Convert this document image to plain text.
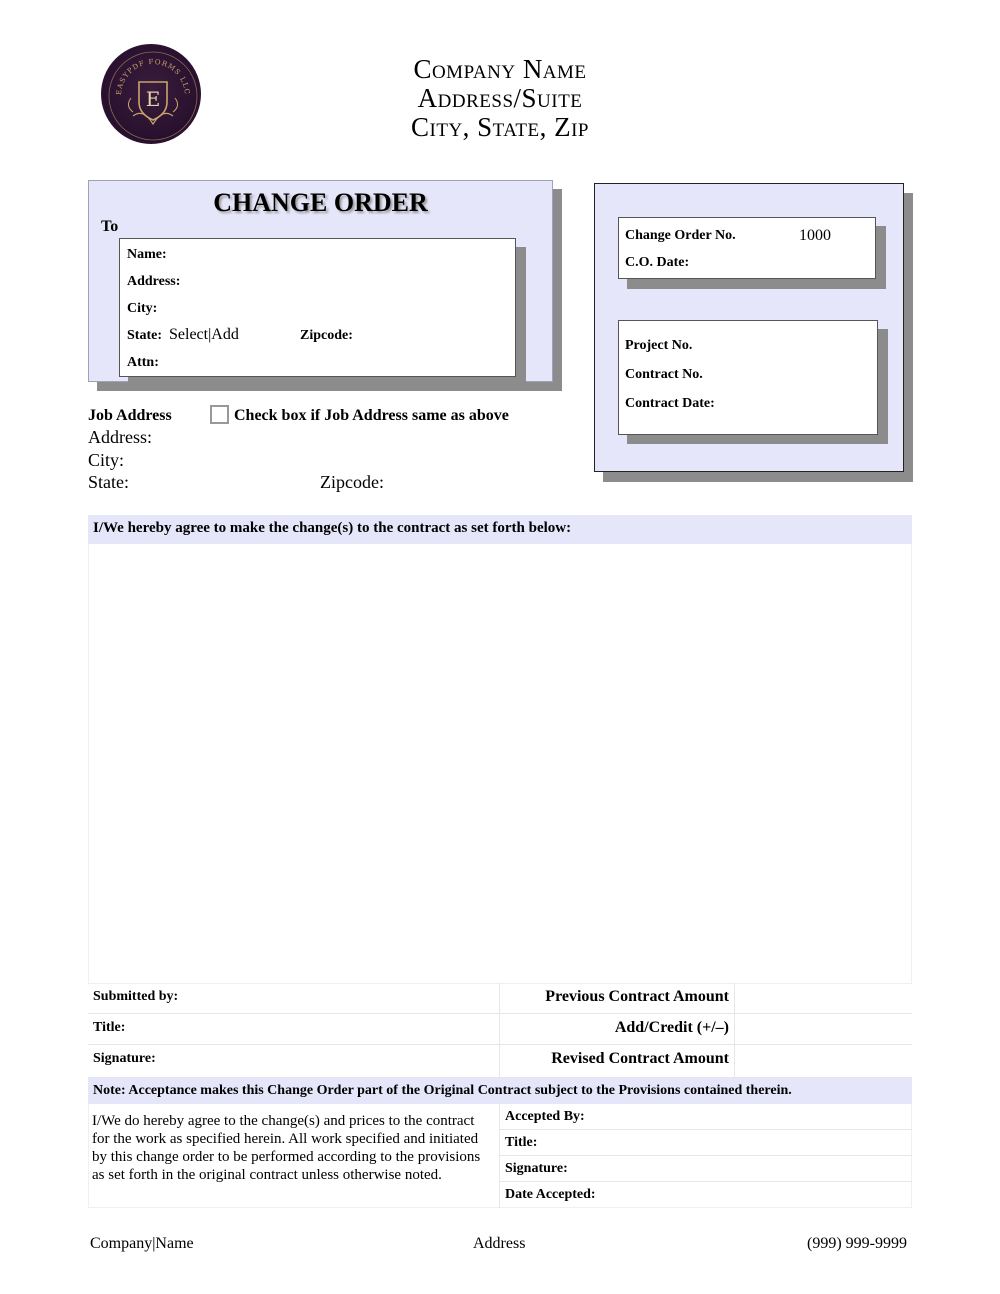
EASYPDF FORMS LLC
E
Company Name
Address/Suite
City, State, Zip
CHANGE ORDER
To
Name:
Address:
City:
State: Select|Add	Zipcode:
Attn:
Change Order No.	1000
C.O. Date:
Project No.
Contract No.
Contract Date:
Job Address	Check box if Job Address same as above
Address:
City:
State:	Zipcode:
I/We hereby agree to make the change(s) to the contract as set forth below:
Submitted by:	Previous Contract Amount
Title:	Add/Credit (+/–)
Signature:	Revised Contract Amount
Note: Acceptance makes this Change Order part of the Original Contract subject to the Provisions contained therein.
I/We do hereby agree to the change(s) and prices to the contract for the work as specified herein. All work specified and initiated by this change order to be performed according to the provisions as set forth in the original contract unless otherwise noted.
Accepted By:
Title:
Signature:
Date Accepted:
Company|Name	Address	(999) 999-9999
